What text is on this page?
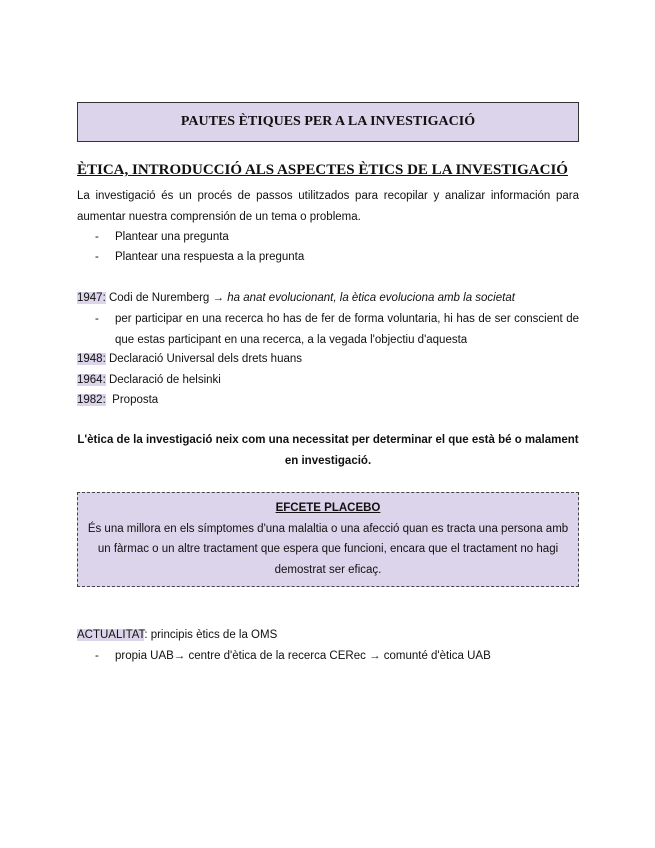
PAUTES ÈTIQUES PER A LA INVESTIGACIÓ
ÈTICA, INTRODUCCIÓ ALS ASPECTES ÈTICS DE LA INVESTIGACIÓ
La investigació és un procés de passos utilitzados para recopilar y analizar información para aumentar nuestra comprensión de un tema o problema.
- Plantear una pregunta
- Plantear una respuesta a la pregunta
1947: Codi de Nuremberg → ha anat evolucionant, la ètica evoluciona amb la societat
- per participar en una recerca ho has de fer de forma voluntaria, hi has de ser conscient de que estas participant en una recerca, a la vegada l'objectiu d'aquesta
1948: Declaració Universal dels drets huans
1964: Declaració de helsinki
1982:  Proposta
L'ètica de la investigació neix com una necessitat per determinar el que està bé o malament en investigació.
EFCETE PLACEBO
És una millora en els símptomes d'una malaltia o una afecció quan es tracta una persona amb un fàrmac o un altre tractament que espera que funcioni, encara que el tractament no hagi demostrat ser eficaç.
ACTUALITAT: principis ètics de la OMS
- propia UAB→ centre d'ètica de la recerca CERec → comunté d'ètica UAB
